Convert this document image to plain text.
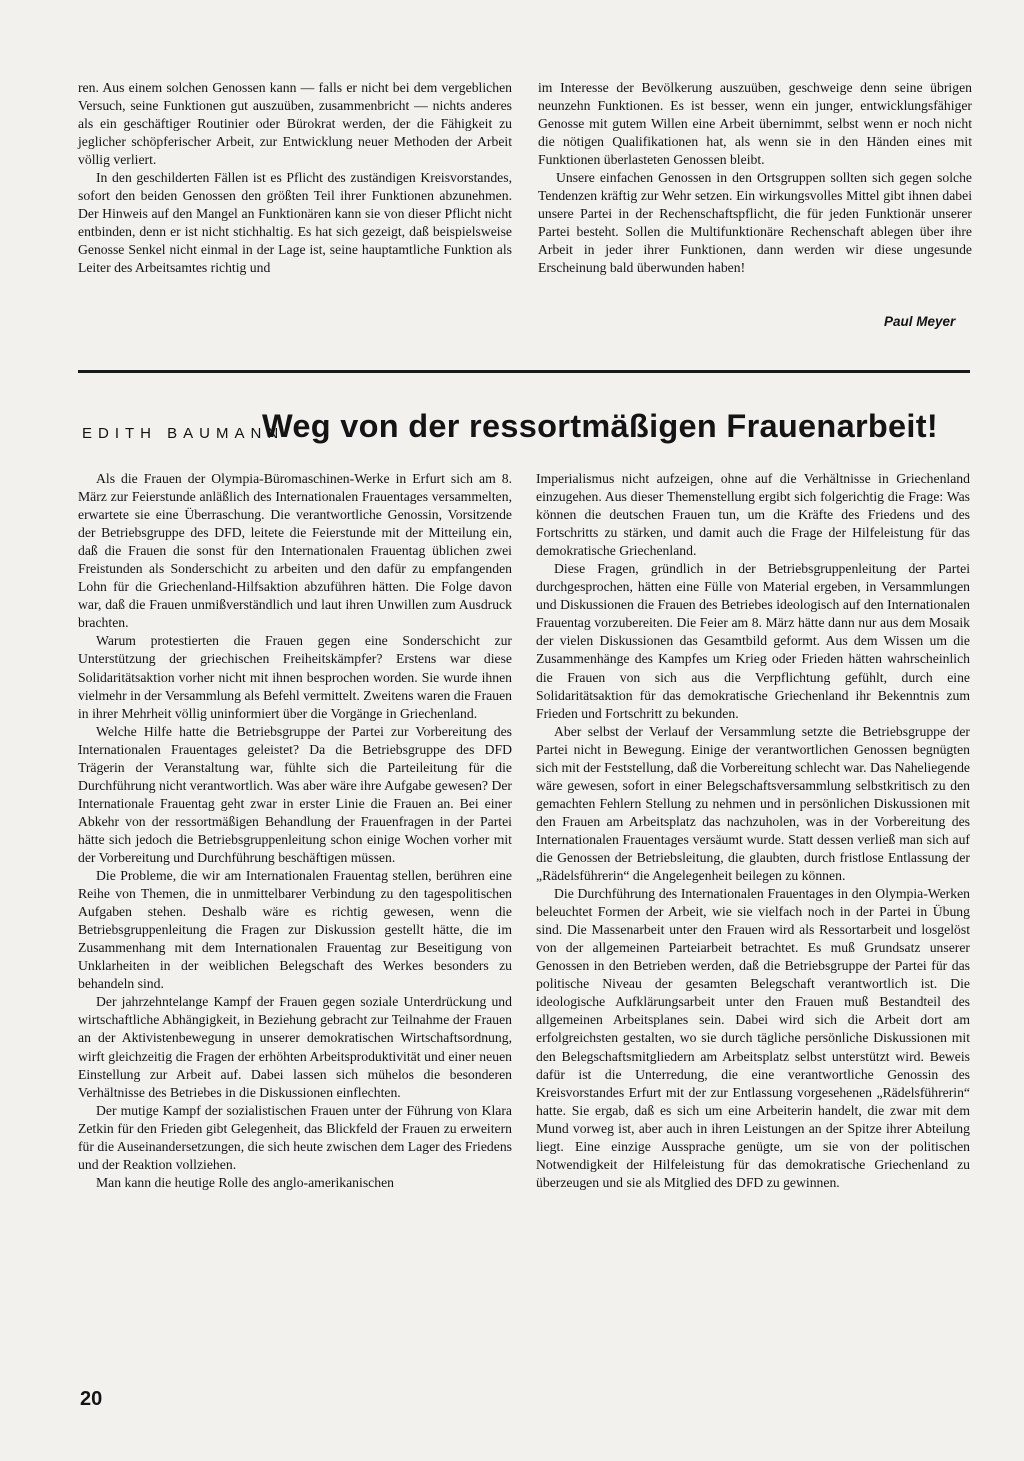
ren. Aus einem solchen Genossen kann — falls er nicht bei dem vergeblichen Versuch, seine Funktionen gut auszuüben, zusammenbricht — nichts anderes als ein geschäftiger Routinier oder Bürokrat werden, der die Fähigkeit zu jeglicher schöpferischer Arbeit, zur Entwicklung neuer Methoden der Arbeit völlig verliert.

In den geschilderten Fällen ist es Pflicht des zuständigen Kreisvorstandes, sofort den beiden Genossen den größten Teil ihrer Funktionen abzunehmen. Der Hinweis auf den Mangel an Funktionären kann sie von dieser Pflicht nicht entbinden, denn er ist nicht stichhaltig. Es hat sich gezeigt, daß beispielsweise Genosse Senkel nicht einmal in der Lage ist, seine hauptamtliche Funktion als Leiter des Arbeitsamtes richtig und

im Interesse der Bevölkerung auszuüben, geschweige denn seine übrigen neunzehn Funktionen. Es ist besser, wenn ein junger, entwicklungsfähiger Genosse mit gutem Willen eine Arbeit übernimmt, selbst wenn er noch nicht die nötigen Qualifikationen hat, als wenn sie in den Händen eines mit Funktionen überlasteten Genossen bleibt.

Unsere einfachen Genossen in den Ortsgruppen sollten sich gegen solche Tendenzen kräftig zur Wehr setzen. Ein wirkungsvolles Mittel gibt ihnen dabei unsere Partei in der Rechenschaftspflicht, die für jeden Funktionär unserer Partei besteht. Sollen die Multifunktionäre Rechenschaft ablegen über ihre Arbeit in jeder ihrer Funktionen, dann werden wir diese ungesunde Erscheinung bald überwunden haben!

Paul Meyer
EDITH BAUMANN
Weg von der ressortmäßigen Frauenarbeit!

Als die Frauen der Olympia-Büromaschinen-Werke in Erfurt sich am 8. März zur Feierstunde anläßlich des Internationalen Frauentages versammelten, erwartete sie eine Überraschung. Die verantwortliche Genossin, Vorsitzende der Betriebsgruppe des DFD, leitete die Feierstunde mit der Mitteilung ein, daß die Frauen die sonst für den Internationalen Frauentag üblichen zwei Freistunden als Sonderschicht zu arbeiten und den dafür zu empfangenden Lohn für die Griechenland-Hilfsaktion abzuführen hätten. Die Folge davon war, daß die Frauen unmißverständlich und laut ihren Unwillen zum Ausdruck brachten.

Warum protestierten die Frauen gegen eine Sonderschicht zur Unterstützung der griechischen Freiheitskämpfer? Erstens war diese Solidaritätsaktion vorher nicht mit ihnen besprochen worden. Sie wurde ihnen vielmehr in der Versammlung als Befehl vermittelt. Zweitens waren die Frauen in ihrer Mehrheit völlig uninformiert über die Vorgänge in Griechenland.

Welche Hilfe hatte die Betriebsgruppe der Partei zur Vorbereitung des Internationalen Frauentages geleistet? Da die Betriebsgruppe des DFD Trägerin der Veranstaltung war, fühlte sich die Parteileitung für die Durchführung nicht verantwortlich. Was aber wäre ihre Aufgabe gewesen? Der Internationale Frauentag geht zwar in erster Linie die Frauen an. Bei einer Abkehr von der ressortmäßigen Behandlung der Frauenfragen in der Partei hätte sich jedoch die Betriebsgruppenleitung schon einige Wochen vorher mit der Vorbereitung und Durchführung beschäftigen müssen.

Die Probleme, die wir am Internationalen Frauentag stellen, berühren eine Reihe von Themen, die in unmittelbarer Verbindung zu den tagespolitischen Aufgaben stehen. Deshalb wäre es richtig gewesen, wenn die Betriebsgruppenleitung die Fragen zur Diskussion gestellt hätte, die im Zusammenhang mit dem Internationalen Frauentag zur Beseitigung von Unklarheiten in der weiblichen Belegschaft des Werkes besonders zu behandeln sind.

Der jahrzehntelange Kampf der Frauen gegen soziale Unterdrückung und wirtschaftliche Abhängigkeit, in Beziehung gebracht zur Teilnahme der Frauen an der Aktivistenbewegung in unserer demokratischen Wirtschaftsordnung, wirft gleichzeitig die Fragen der erhöhten Arbeitsproduktivität und einer neuen Einstellung zur Arbeit auf. Dabei lassen sich mühelos die besonderen Verhältnisse des Betriebes in die Diskussionen einflechten.

Der mutige Kampf der sozialistischen Frauen unter der Führung von Klara Zetkin für den Frieden gibt Gelegenheit, das Blickfeld der Frauen zu erweitern für die Auseinandersetzungen, die sich heute zwischen dem Lager des Friedens und der Reaktion vollziehen.

Man kann die heutige Rolle des anglo-amerikanischen

Imperialismus nicht aufzeigen, ohne auf die Verhältnisse in Griechenland einzugehen. Aus dieser Themenstellung ergibt sich folgerichtig die Frage: Was können die deutschen Frauen tun, um die Kräfte des Friedens und des Fortschritts zu stärken, und damit auch die Frage der Hilfeleistung für das demokratische Griechenland.

Diese Fragen, gründlich in der Betriebsgruppenleitung der Partei durchgesprochen, hätten eine Fülle von Material ergeben, in Versammlungen und Diskussionen die Frauen des Betriebes ideologisch auf den Internationalen Frauentag vorzubereiten. Die Feier am 8. März hätte dann nur aus dem Mosaik der vielen Diskussionen das Gesamtbild geformt. Aus dem Wissen um die Zusammenhänge des Kampfes um Krieg oder Frieden hätten wahrscheinlich die Frauen von sich aus die Verpflichtung gefühlt, durch eine Solidaritätsaktion für das demokratische Griechenland ihr Bekenntnis zum Frieden und Fortschritt zu bekunden.

Aber selbst der Verlauf der Versammlung setzte die Betriebsgruppe der Partei nicht in Bewegung. Einige der verantwortlichen Genossen begnügten sich mit der Feststellung, daß die Vorbereitung schlecht war. Das Naheliegende wäre gewesen, sofort in einer Belegschaftsversammlung selbstkritisch zu den gemachten Fehlern Stellung zu nehmen und in persönlichen Diskussionen mit den Frauen am Arbeitsplatz das nachzuholen, was in der Vorbereitung des Internationalen Frauentages versäumt wurde. Statt dessen verließ man sich auf die Genossen der Betriebsleitung, die glaubten, durch fristlose Entlassung der „Rädelsführerin“ die Angelegenheit beilegen zu können.

Die Durchführung des Internationalen Frauentages in den Olympia-Werken beleuchtet Formen der Arbeit, wie sie vielfach noch in der Partei in Übung sind. Die Massenarbeit unter den Frauen wird als Ressortarbeit und losgelöst von der allgemeinen Parteiarbeit betrachtet. Es muß Grundsatz unserer Genossen in den Betrieben werden, daß die Betriebsgruppe der Partei für das politische Niveau der gesamten Belegschaft verantwortlich ist. Die ideologische Aufklärungsarbeit unter den Frauen muß Bestandteil des allgemeinen Arbeitsplanes sein. Dabei wird sich die Arbeit dort am erfolgreichsten gestalten, wo sie durch tägliche persönliche Diskussionen mit den Belegschaftsmitgliedern am Arbeitsplatz selbst unterstützt wird. Beweis dafür ist die Unterredung, die eine verantwortliche Genossin des Kreisvorstandes Erfurt mit der zur Entlassung vorgesehenen „Rädelsführerin“ hatte. Sie ergab, daß es sich um eine Arbeiterin handelt, die zwar mit dem Mund vorweg ist, aber auch in ihren Leistungen an der Spitze ihrer Abteilung liegt. Eine einzige Aussprache genügte, um sie von der politischen Notwendigkeit der Hilfeleistung für das demokratische Griechenland zu überzeugen und sie als Mitglied des DFD zu gewinnen.

20
